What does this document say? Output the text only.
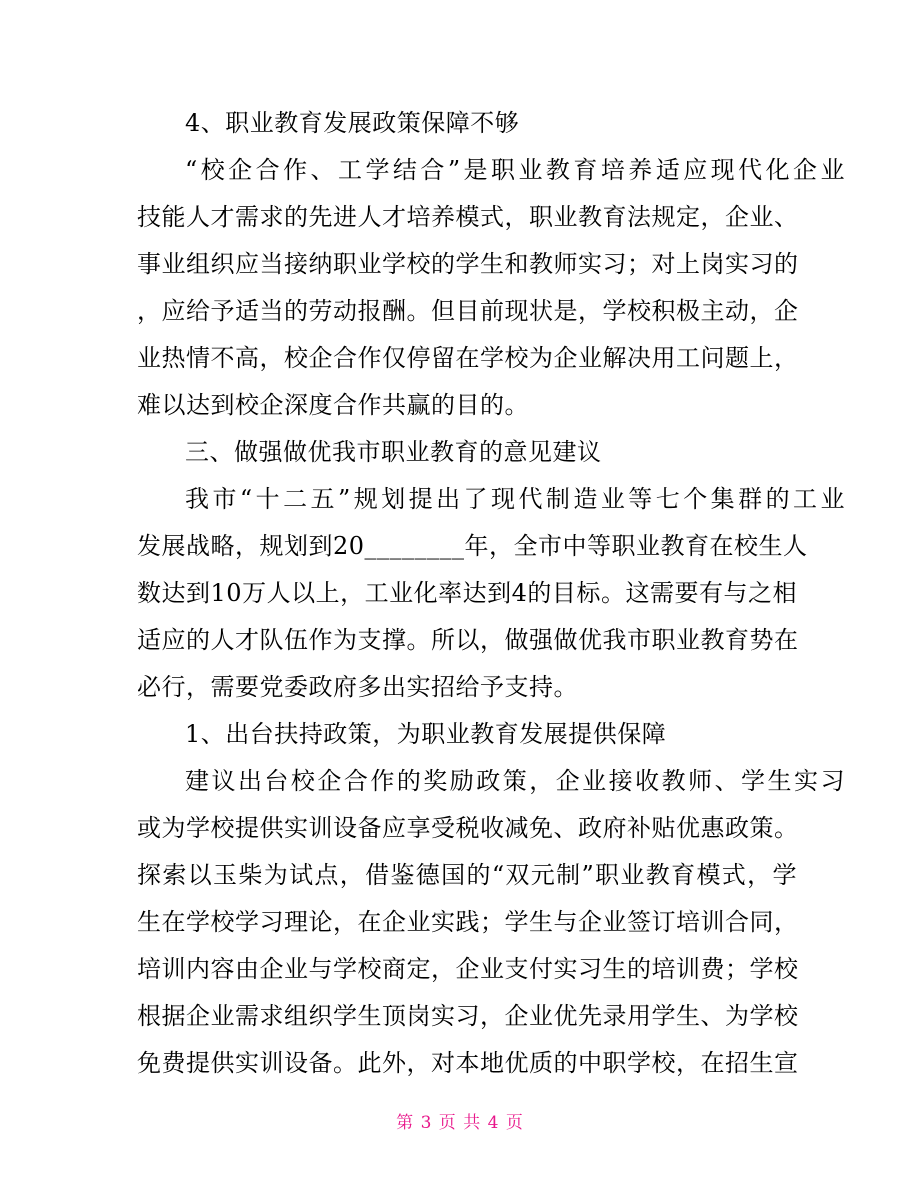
4、职业教育发展政策保障不够
“校企合作、工学结合”是职业教育培养适应现代化企业
技能人才需求的先进人才培养模式，职业教育法规定，企业、
事业组织应当接纳职业学校的学生和教师实习；对上岗实习的
，应给予适当的劳动报酬。但目前现状是，学校积极主动，企
业热情不高，校企合作仅停留在学校为企业解决用工问题上，
难以达到校企深度合作共赢的目的。
三、做强做优我市职业教育的意见建议
我市“十二五”规划提出了现代制造业等七个集群的工业
发展战略，规划到20________年，全市中等职业教育在校生人
数达到10万人以上，工业化率达到4的目标。这需要有与之相
适应的人才队伍作为支撑。所以，做强做优我市职业教育势在
必行，需要党委政府多出实招给予支持。
1、出台扶持政策，为职业教育发展提供保障
建议出台校企合作的奖励政策，企业接收教师、学生实习
或为学校提供实训设备应享受税收减免、政府补贴优惠政策。
探索以玉柴为试点，借鉴德国的“双元制”职业教育模式，学
生在学校学习理论，在企业实践；学生与企业签订培训合同，
培训内容由企业与学校商定，企业支付实习生的培训费；学校
根据企业需求组织学生顶岗实习，企业优先录用学生、为学校
免费提供实训设备。此外，对本地优质的中职学校，在招生宣
第 3 页 共 4 页
